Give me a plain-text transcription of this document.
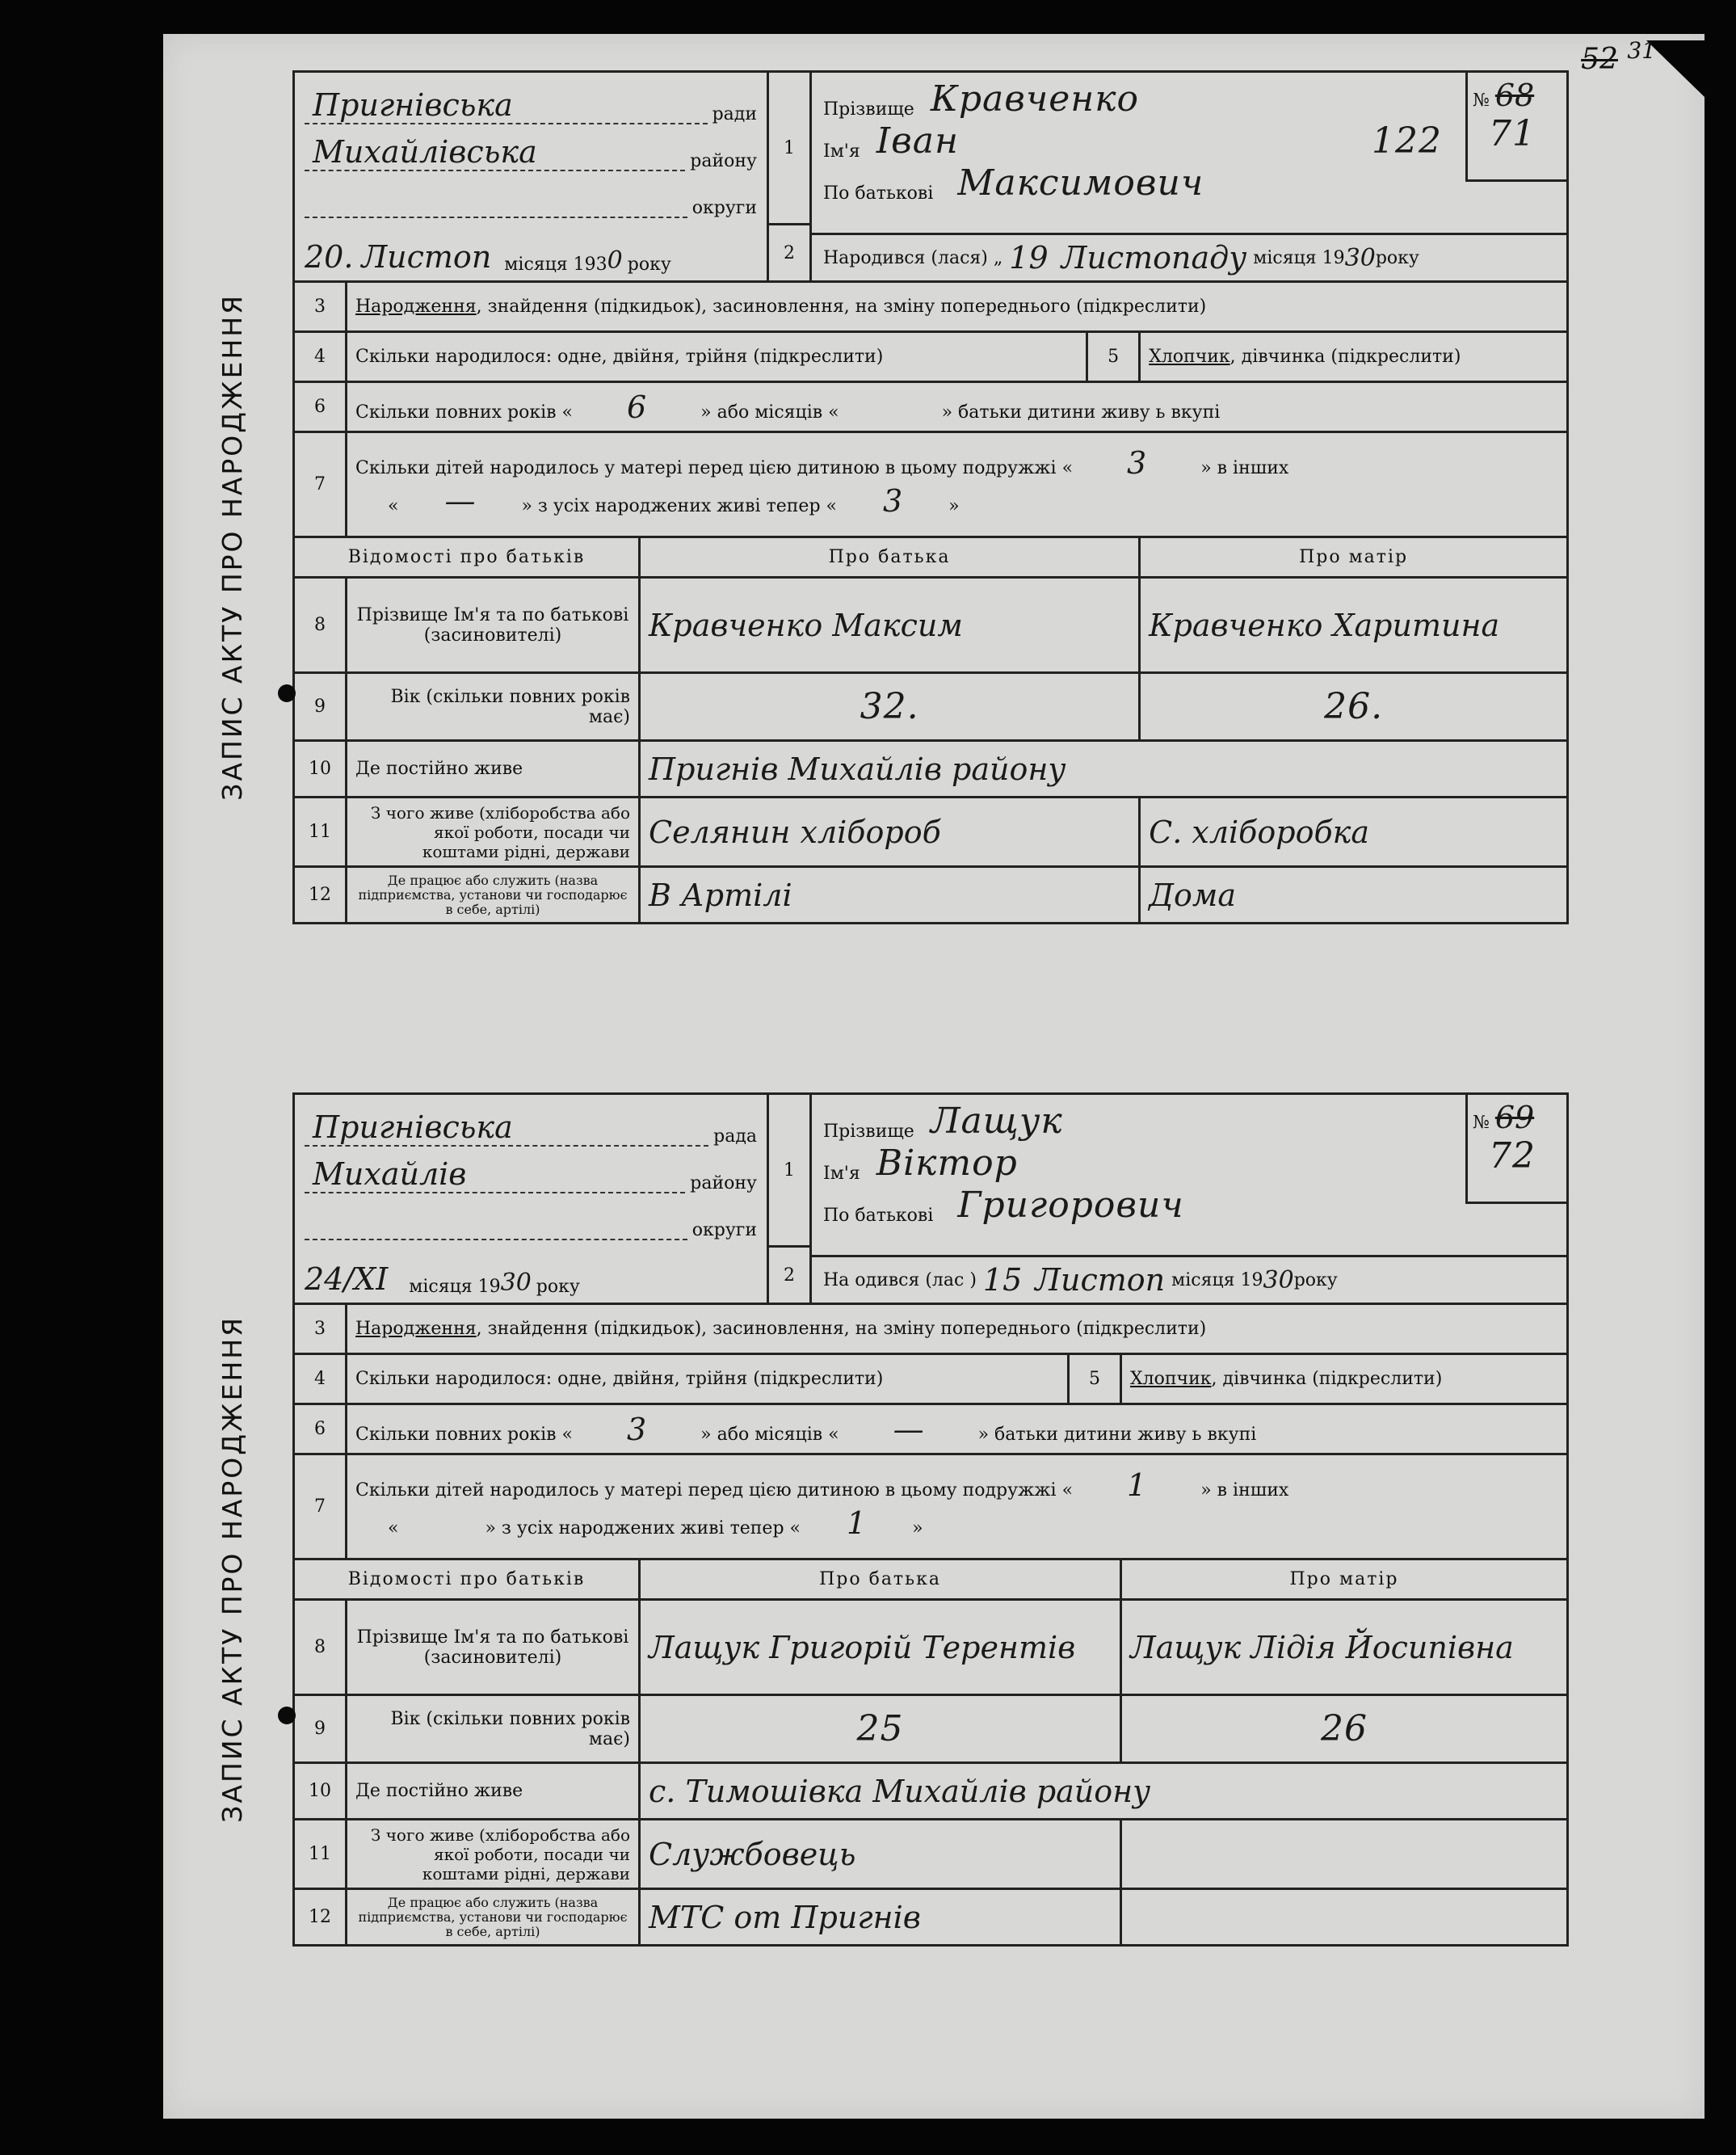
52 $^{31}$
ЗАПИС АКТУ ПРО НАРОДЖЕННЯ
Пригнівська	ради
Михайлівська	району
округи
20. Листоп місяця 193 0 року
1
2
№ 68
71
Прізвище Кравченко
Ім'я Іван	122
По батькові Максимович
Народився (лася) „ 19 Листопаду місяця 19 30 року
3	Народження, знайдення (підкидьок), засиновлення, на зміну попереднього (підкреслити)			
4	Скільки народилося: одне, двійня, трійня (підкреслити)		5	Хлопчик, дівчинка (підкреслити)
6	Скільки повних років « 6 » або місяців « » батьки дитини живу ь вкупі			
7	Скільки дітей народилось у матері перед цією дитиною в цьому подружжі « 3 » в інших
« — » з усіх народжених живі тепер « 3 »			
Відомості про батьків		Про батька		Про матір
8	Прізвище Ім'я та по батькові (засиновителі)	Кравченко Максим		Кравченко Харитина
9	Вік (скільки повних років має)	32.		26.
10	Де постійно живе	Пригнів Михайлів району		
11	З чого живе (хліборобства або якої роботи, посади чи коштами рідні, держави	Селянин хлібороб		С. хліборобка
12	Де працює або служить (назва підприємства, установи чи господарює в себе, артілі)	В Артілі		Дома
ЗАПИС АКТУ ПРО НАРОДЖЕННЯ
Пригнівська	рада
Михайлів	району
округи
24/XI місяця 19 30 року
1
2
№ 69
72
Прізвище Лащук
Ім'я Віктор
По батькові Григорович
На одився (лас ) 15 Листоп місяця 19 30 року
3	Народження, знайдення (підкидьок), засиновлення, на зміну попереднього (підкреслити)			
4	Скільки народилося: одне, двійня, трійня (підкреслити)		5	Хлопчик, дівчинка (підкреслити)
6	Скільки повних років « 3 » або місяців « — » батьки дитини живу ь вкупі			
7	Скільки дітей народилось у матері перед цією дитиною в цьому подружжі « 1 » в інших
« » з усіх народжених живі тепер « 1 »			
Відомості про батьків		Про батька		Про матір
8	Прізвище Ім'я та по батькові (засиновителі)	Лащук Григорій Терентів		Лащук Лідія Йосипівна
9	Вік (скільки повних років має)	25		26
10	Де постійно живе	с. Тимошівка Михайлів району		
11	З чого живе (хліборобства або якої роботи, посади чи коштами рідні, держави	Службовець		
12	Де працює або служить (назва підприємства, установи чи господарює в себе, артілі)	МТС от Пригнів		
